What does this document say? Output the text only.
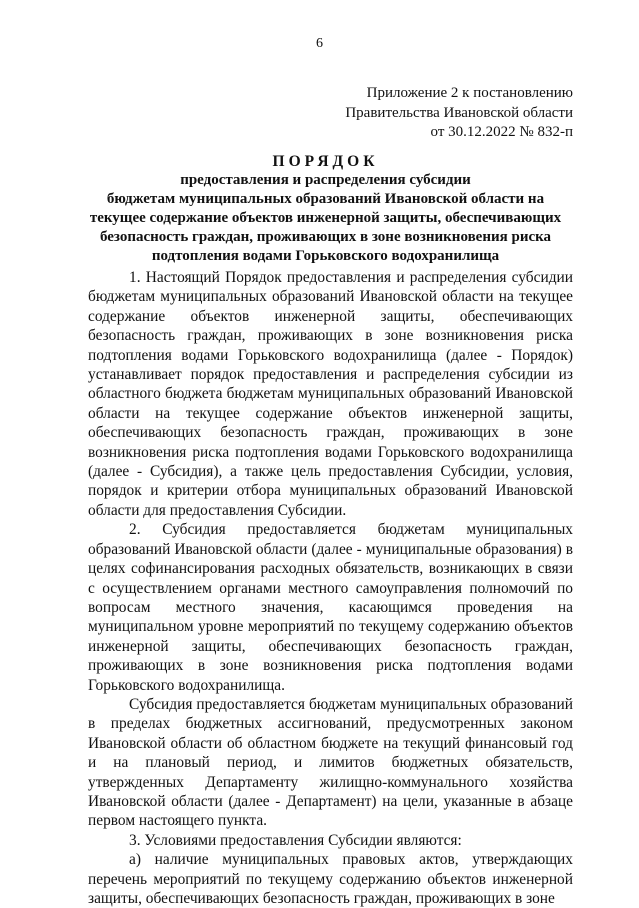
6
Приложение 2 к постановлению
Правительства Ивановской области
от 30.12.2022 № 832-п
ПОРЯДОК
предоставления и распределения субсидии
бюджетам муниципальных образований Ивановской области на
текущее содержание объектов инженерной защиты, обеспечивающих
безопасность граждан, проживающих в зоне возникновения риска
подтопления водами Горьковского водохранилища

1. Настоящий Порядок предоставления и распределения субсидии бюджетам муниципальных образований Ивановской области на текущее содержание объектов инженерной защиты, обеспечивающих безопасность граждан, проживающих в зоне возникновения риска подтопления водами Горьковского водохранилища (далее - Порядок) устанавливает порядок предоставления и распределения субсидии из областного бюджета бюджетам муниципальных образований Ивановской области на текущее содержание объектов инженерной защиты, обеспечивающих безопасность граждан, проживающих в зоне возникновения риска подтопления водами Горьковского водохранилища (далее - Субсидия), а также цель предоставления Субсидии, условия, порядок и критерии отбора муниципальных образований Ивановской области для предоставления Субсидии.

2. Субсидия предоставляется бюджетам муниципальных образований Ивановской области (далее - муниципальные образования) в целях софинансирования расходных обязательств, возникающих в связи с осуществлением органами местного самоуправления полномочий по вопросам местного значения, касающимся проведения на муниципальном уровне мероприятий по текущему содержанию объектов инженерной защиты, обеспечивающих безопасность граждан, проживающих в зоне возникновения риска подтопления водами Горьковского водохранилища.

Субсидия предоставляется бюджетам муниципальных образований в пределах бюджетных ассигнований, предусмотренных законом Ивановской области об областном бюджете на текущий финансовый год и на плановый период, и лимитов бюджетных обязательств, утвержденных Департаменту жилищно-коммунального хозяйства Ивановской области (далее - Департамент) на цели, указанные в абзаце первом настоящего пункта.

3. Условиями предоставления Субсидии являются:

а) наличие муниципальных правовых актов, утверждающих перечень мероприятий по текущему содержанию объектов инженерной защиты, обеспечивающих безопасность граждан, проживающих в зоне
